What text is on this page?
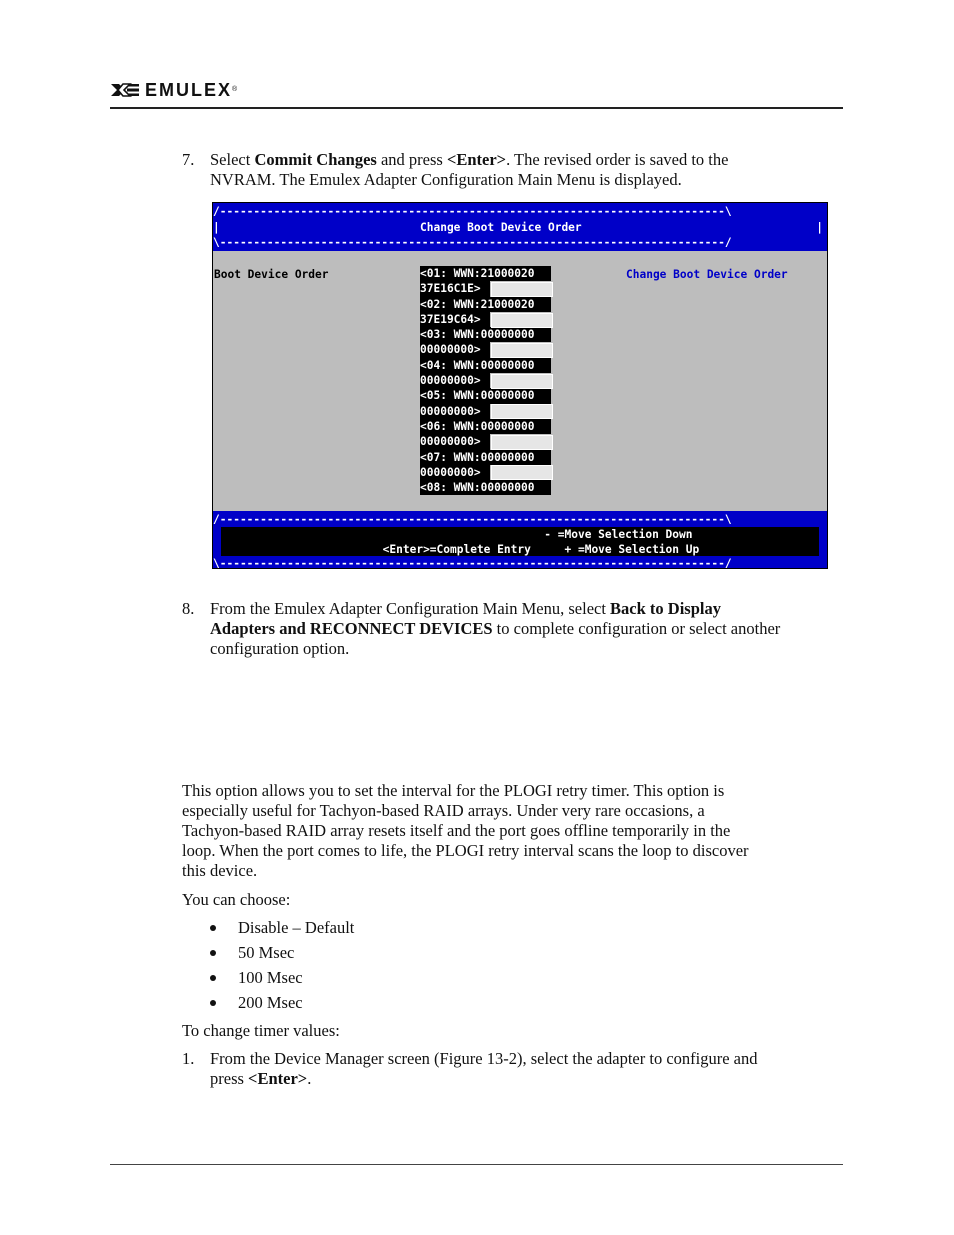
EMULEX®
7. Select Commit Changes and press <Enter>. The revised order is saved to the
NVRAM. The Emulex Adapter Configuration Main Menu is displayed.
/---------------------------------------------------------------------------\
|	Change Boot Device Order	|
\---------------------------------------------------------------------------/
Boot Device Order	Change Boot Device Order
<01: WWN:21000020
37E16C1E>
<02: WWN:21000020
37E19C64>
<03: WWN:00000000
00000000>
<04: WWN:00000000
00000000>
<05: WWN:00000000
00000000>
<06: WWN:00000000
00000000>
<07: WWN:00000000
00000000>
<08: WWN:00000000
/---------------------------------------------------------------------------\
- =Move Selection Down
<Enter>=Complete Entry     + =Move Selection Up
\---------------------------------------------------------------------------/
8. From the Emulex Adapter Configuration Main Menu, select Back to Display
Adapters and RECONNECT DEVICES to complete configuration or select another
configuration option.
This option allows you to set the interval for the PLOGI retry timer. This option is
especially useful for Tachyon-based RAID arrays. Under very rare occasions, a
Tachyon-based RAID array resets itself and the port goes offline temporarily in the
loop. When the port comes to life, the PLOGI retry interval scans the loop to discover
this device.
You can choose:
Disable – Default
50 Msec
100 Msec
200 Msec
To change timer values:
1. From the Device Manager screen (Figure 13-2), select the adapter to configure and
press <Enter>.
